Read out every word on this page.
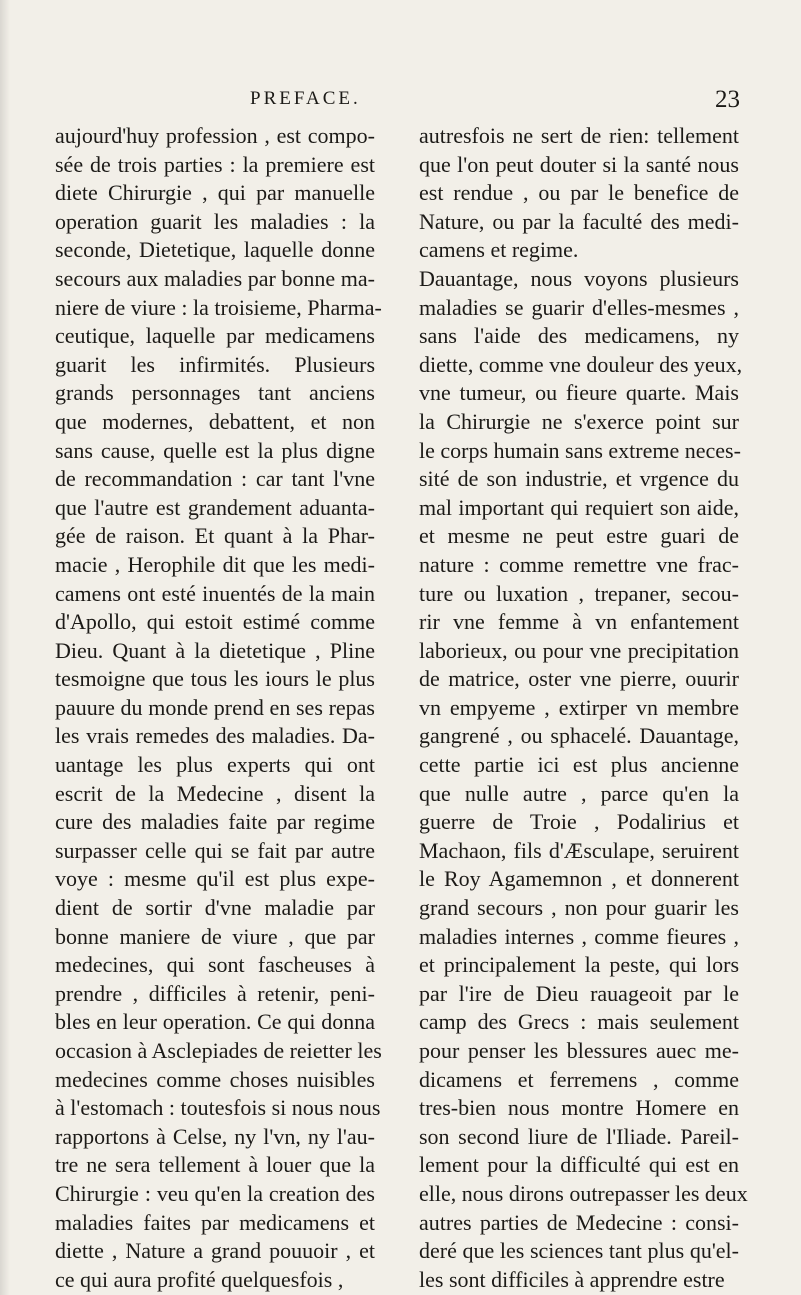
PREFACE.	23
aujourd'huy profession , est compo-
sée de trois parties : la premiere est
diete Chirurgie , qui par manuelle
operation guarit les maladies : la
seconde, Dietetique, laquelle donne
secours aux maladies par bonne ma-
niere de viure : la troisieme, Pharma-
ceutique, laquelle par medicamens
guarit les infirmités. Plusieurs
grands personnages tant anciens
que modernes, debattent, et non
sans cause, quelle est la plus digne
de recommandation : car tant l'vne
que l'autre est grandement aduanta-
gée de raison. Et quant à la Phar-
macie , Herophile dit que les medi-
camens ont esté inuentés de la main
d'Apollo, qui estoit estimé comme
Dieu. Quant à la dietetique , Pline
tesmoigne que tous les iours le plus
pauure du monde prend en ses repas
les vrais remedes des maladies. Da-
uantage les plus experts qui ont
escrit de la Medecine , disent la
cure des maladies faite par regime
surpasser celle qui se fait par autre
voye : mesme qu'il est plus expe-
dient de sortir d'vne maladie par
bonne maniere de viure , que par
medecines, qui sont fascheuses à
prendre , difficiles à retenir, peni-
bles en leur operation. Ce qui donna
occasion à Asclepiades de reietter les
medecines comme choses nuisibles
à l'estomach : toutesfois si nous nous
rapportons à Celse, ny l'vn, ny l'au-
tre ne sera tellement à louer que la
Chirurgie : veu qu'en la creation des
maladies faites par medicamens et
diette , Nature a grand pouuoir , et
ce qui aura profité quelquesfois ,
autresfois ne sert de rien: tellement
que l'on peut douter si la santé nous
est rendue , ou par le benefice de
Nature, ou par la faculté des medi-
camens et regime.
Dauantage, nous voyons plusieurs
maladies se guarir d'elles-mesmes ,
sans l'aide des medicamens, ny
diette, comme vne douleur des yeux,
vne tumeur, ou fieure quarte. Mais
la Chirurgie ne s'exerce point sur
le corps humain sans extreme neces-
sité de son industrie, et vrgence du
mal important qui requiert son aide,
et mesme ne peut estre guari de
nature : comme remettre vne frac-
ture ou luxation , trepaner, secou-
rir vne femme à vn enfantement
laborieux, ou pour vne precipitation
de matrice, oster vne pierre, ouurir
vn empyeme , extirper vn membre
gangrené , ou sphacelé. Dauantage,
cette partie ici est plus ancienne
que nulle autre , parce qu'en la
guerre de Troie , Podalirius et
Machaon, fils d'Æsculape, seruirent
le Roy Agamemnon , et donnerent
grand secours , non pour guarir les
maladies internes , comme fieures ,
et principalement la peste, qui lors
par l'ire de Dieu rauageoit par le
camp des Grecs : mais seulement
pour penser les blessures auec me-
dicamens et ferremens , comme
tres-bien nous montre Homere en
son second liure de l'Iliade. Pareil-
lement pour la difficulté qui est en
elle, nous dirons outrepasser les deux
autres parties de Medecine : consi-
deré que les sciences tant plus qu'el-
les sont difficiles à apprendre estre
